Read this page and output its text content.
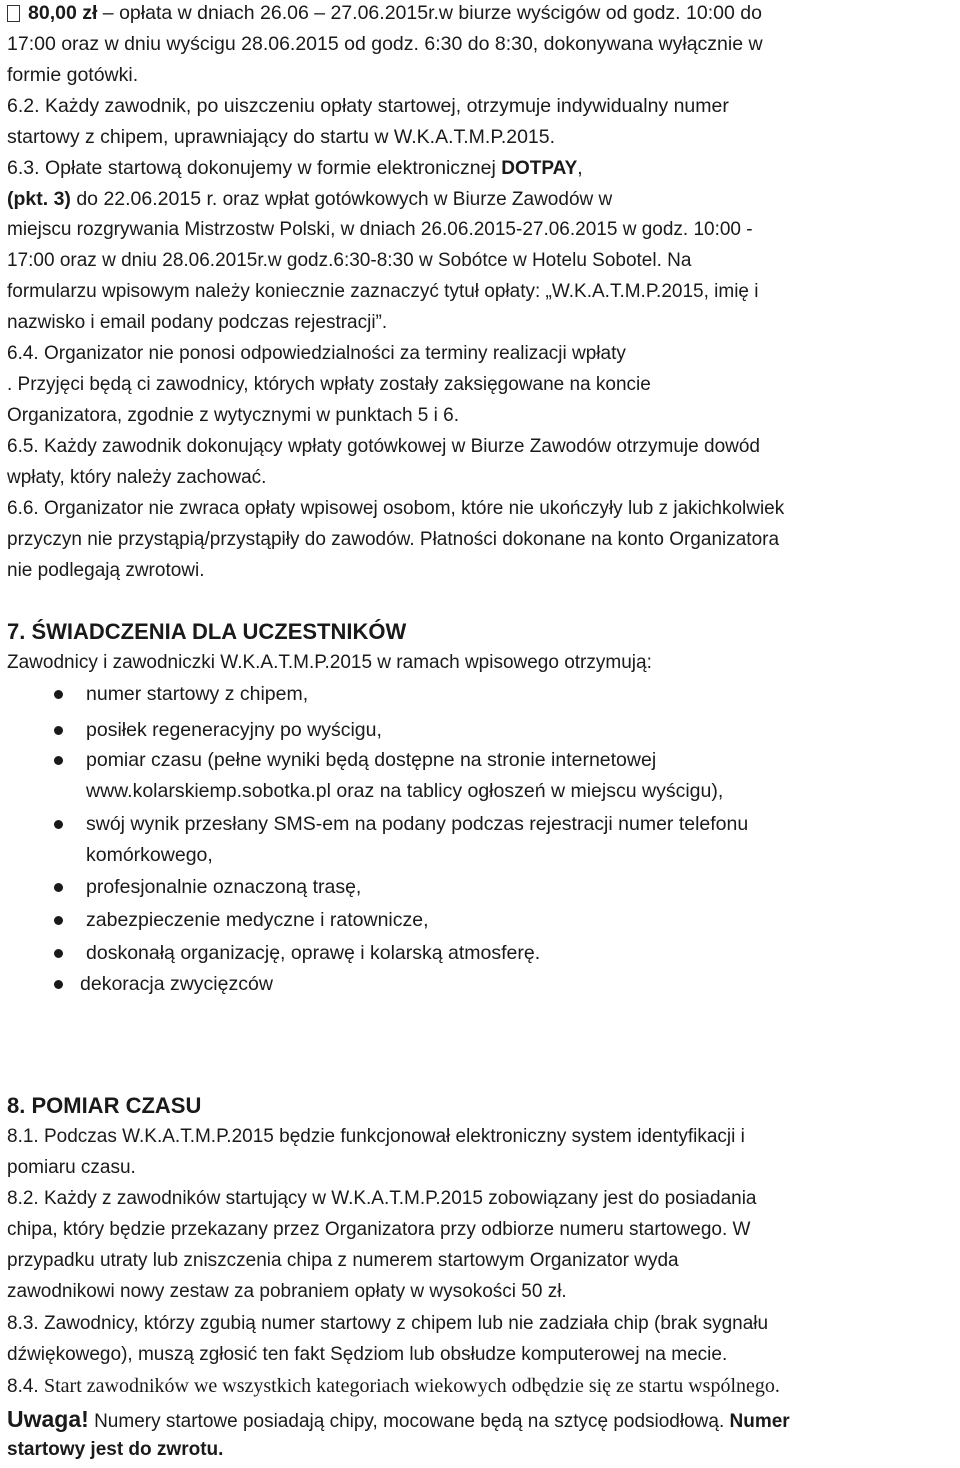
80,00 zł – opłata w dniach 26.06 – 27.06.2015r.w biurze wyścigów od godz. 10:00 do
17:00 oraz w dniu wyścigu 28.06.2015 od godz. 6:30 do 8:30, dokonywana wyłącznie w
formie gotówki.
6.2. Każdy zawodnik, po uiszczeniu opłaty startowej, otrzymuje indywidualny numer
startowy z chipem, uprawniający do startu w W.K.A.T.M.P.2015.
6.3. Opłate startową dokonujemy w formie elektronicznej DOTPAY,
(pkt. 3) do 22.06.2015 r. oraz wpłat gotówkowych w Biurze Zawodów w
miejscu rozgrywania Mistrzostw Polski, w dniach 26.06.2015-27.06.2015 w godz. 10:00 -
17:00 oraz w dniu 28.06.2015r.w godz.6:30-8:30 w Sobótce w Hotelu Sobotel. Na
formularzu wpisowym należy koniecznie zaznaczyć tytuł opłaty: „W.K.A.T.M.P.2015, imię i
nazwisko i email podany podczas rejestracji”.
6.4. Organizator nie ponosi odpowiedzialności za terminy realizacji wpłaty
. Przyjęci będą ci zawodnicy, których wpłaty zostały zaksięgowane na koncie
Organizatora, zgodnie z wytycznymi w punktach 5 i 6.
6.5. Każdy zawodnik dokonujący wpłaty gotówkowej w Biurze Zawodów otrzymuje dowód
wpłaty, który należy zachować.
6.6. Organizator nie zwraca opłaty wpisowej osobom, które nie ukończyły lub z jakichkolwiek
przyczyn nie przystąpią/przystąpiły do zawodów. Płatności dokonane na konto Organizatora
nie podlegają zwrotowi.
7. ŚWIADCZENIA DLA UCZESTNIKÓW
Zawodnicy i zawodniczki W.K.A.T.M.P.2015 w ramach wpisowego otrzymują:
numer startowy z chipem,
posiłek regeneracyjny po wyścigu,
pomiar czasu (pełne wyniki będą dostępne na stronie internetowej
www.kolarskiemp.sobotka.pl oraz na tablicy ogłoszeń w miejscu wyścigu),
swój wynik przesłany SMS-em na podany podczas rejestracji numer telefonu
komórkowego,
profesjonalnie oznaczoną trasę,
zabezpieczenie medyczne i ratownicze,
doskonałą organizację, oprawę i kolarską atmosferę.
dekoracja zwycięzców
8. POMIAR CZASU
8.1. Podczas W.K.A.T.M.P.2015 będzie funkcjonował elektroniczny system identyfikacji i
pomiaru czasu.
8.2. Każdy z zawodników startujący w W.K.A.T.M.P.2015 zobowiązany jest do posiadania
chipa, który będzie przekazany przez Organizatora przy odbiorze numeru startowego. W
przypadku utraty lub zniszczenia chipa z numerem startowym Organizator wyda
zawodnikowi nowy zestaw za pobraniem opłaty w wysokości 50 zł.
8.3. Zawodnicy, którzy zgubią numer startowy z chipem lub nie zadziała chip (brak sygnału
dźwiękowego), muszą zgłosić ten fakt Sędziom lub obsłudze komputerowej na mecie.
8.4. Start zawodników we wszystkich kategoriach wiekowych odbędzie się ze startu wspólnego.
Uwaga! Numery startowe posiadają chipy, mocowane będą na sztycę podsiodłową. Numer
startowy jest do zwrotu.
